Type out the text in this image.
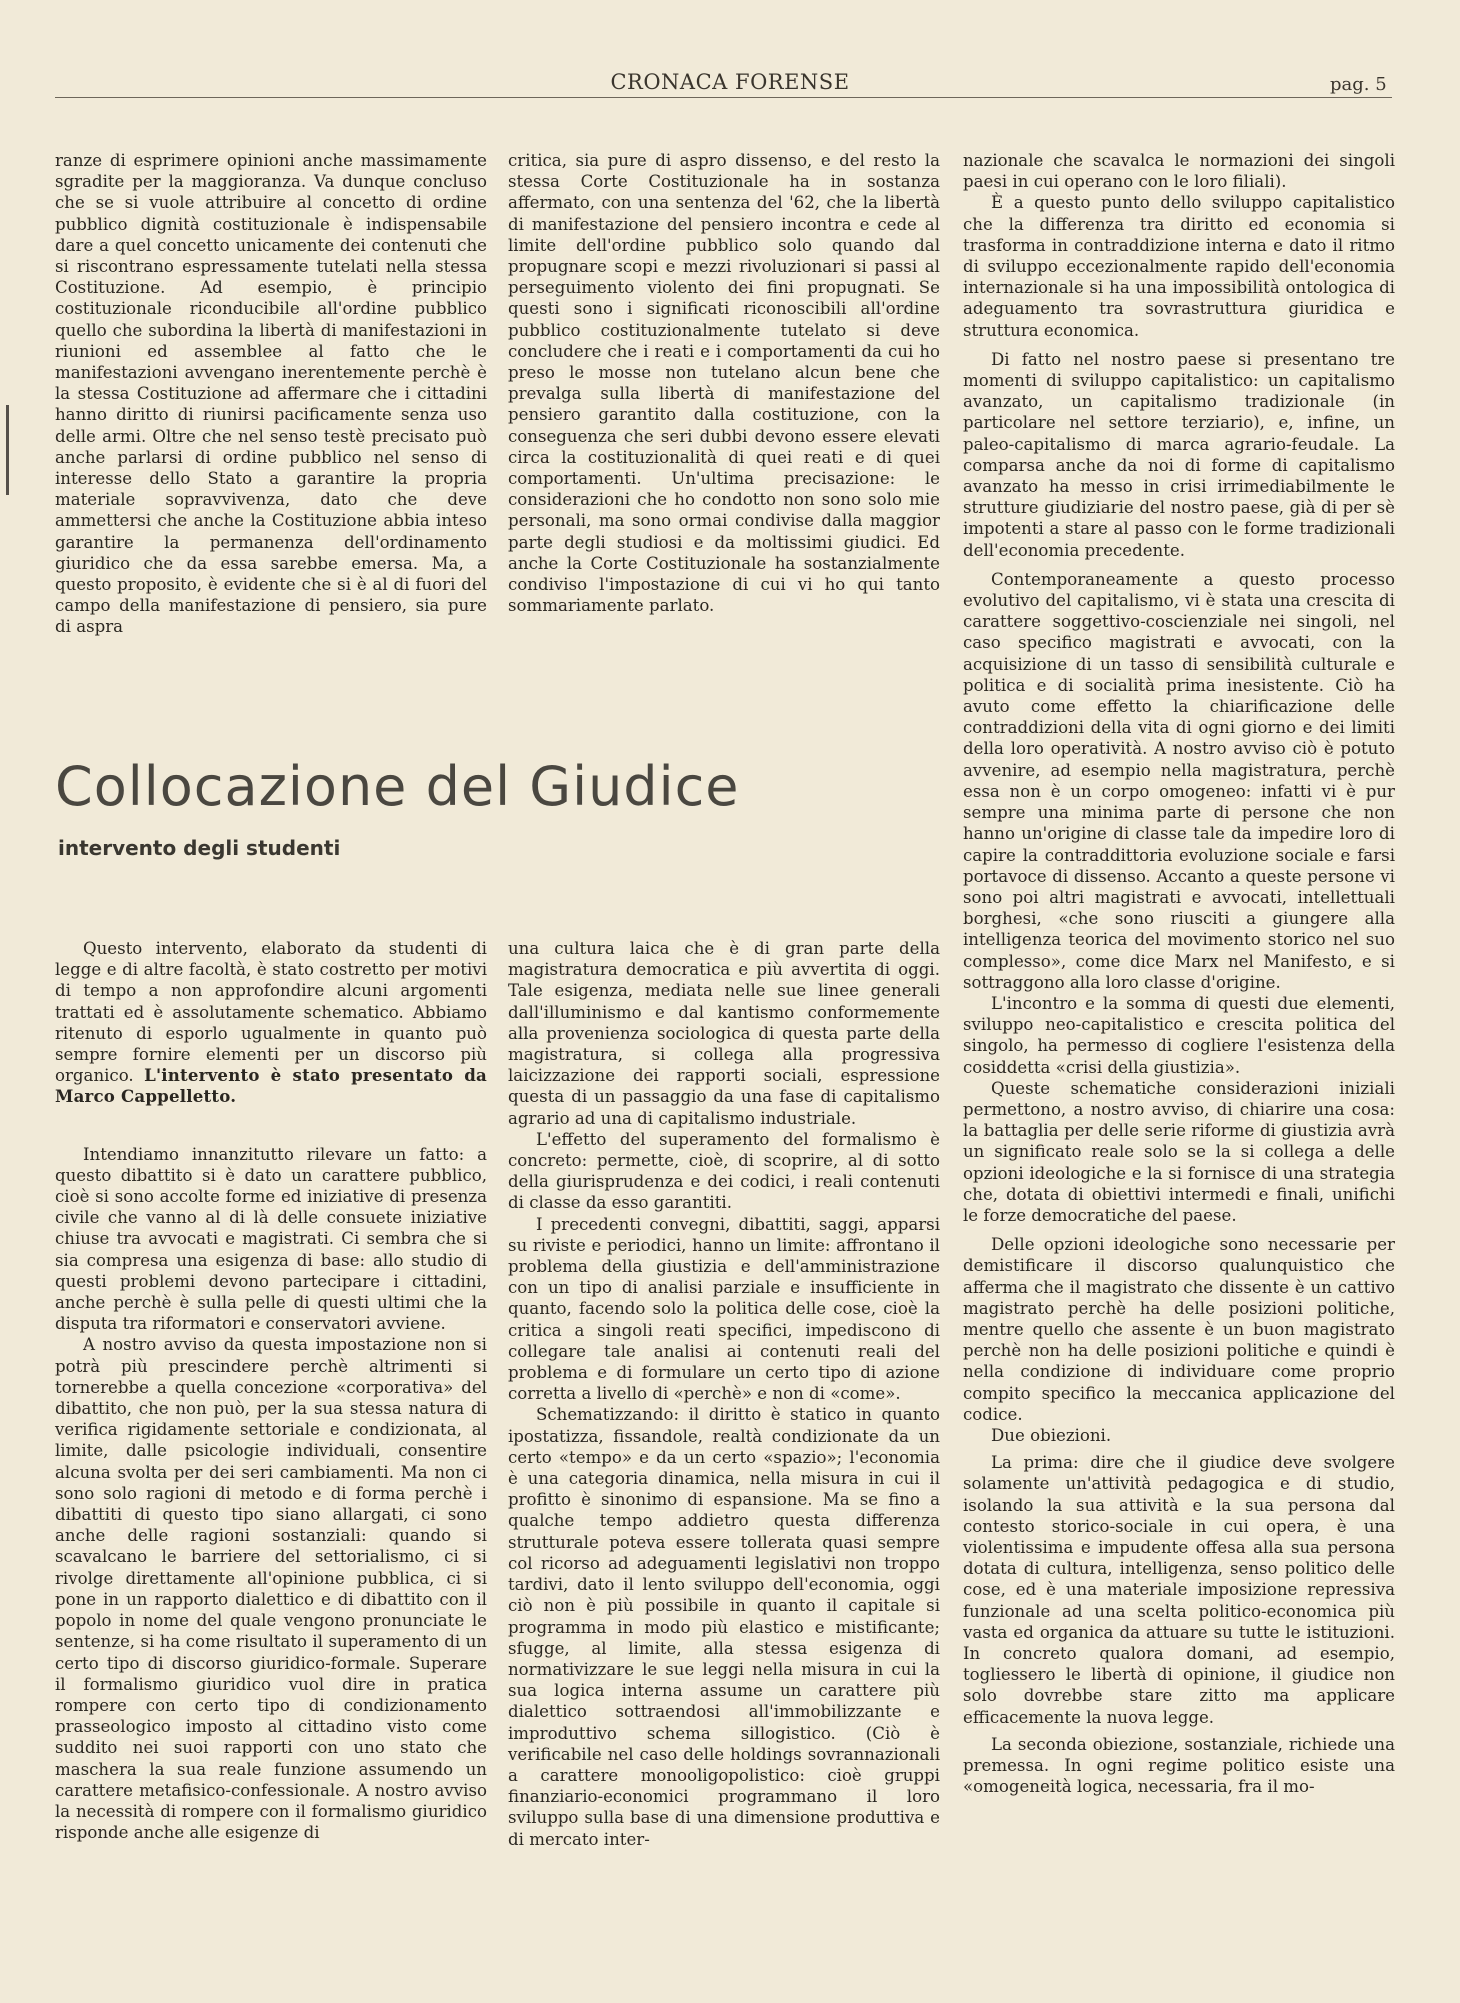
CRONACA FORENSE	pag. 5

ranze di esprimere opinioni anche massimamente sgradite per la maggioranza. Va dunque concluso che se si vuole attribuire al concetto di ordine pubblico dignità costituzionale è indispensabile dare a quel concetto unicamente dei contenuti che si riscontrano espressamente tutelati nella stessa Costituzione. Ad esempio, è principio costituzionale riconducibile all'ordine pubblico quello che subordina la libertà di manifestazioni in riunioni ed assemblee al fatto che le manifestazioni avvengano inerentemente perchè è la stessa Costituzione ad affermare che i cittadini hanno diritto di riunirsi pacificamente senza uso delle armi. Oltre che nel senso testè precisato può anche parlarsi di ordine pubblico nel senso di interesse dello Stato a garantire la propria materiale sopravvivenza, dato che deve ammettersi che anche la Costituzione abbia inteso garantire la permanenza dell'ordinamento giuridico che da essa sarebbe emersa. Ma, a questo proposito, è evidente che si è al di fuori del campo della manifestazione di pensiero, sia pure di aspra

critica, sia pure di aspro dissenso, e del resto la stessa Corte Costituzionale ha in sostanza affermato, con una sentenza del '62, che la libertà di manifestazione del pensiero incontra e cede al limite dell'ordine pubblico solo quando dal propugnare scopi e mezzi rivoluzionari si passi al perseguimento violento dei fini propugnati. Se questi sono i significati riconoscibili all'ordine pubblico costituzionalmente tutelato si deve concludere che i reati e i comportamenti da cui ho preso le mosse non tutelano alcun bene che prevalga sulla libertà di manifestazione del pensiero garantito dalla costituzione, con la conseguenza che seri dubbi devono essere elevati circa la costituzionalità di quei reati e di quei comportamenti. Un'ultima precisazione: le considerazioni che ho condotto non sono solo mie personali, ma sono ormai condivise dalla maggior parte degli studiosi e da moltissimi giudici. Ed anche la Corte Costituzionale ha sostanzialmente condiviso l'impostazione di cui vi ho qui tanto sommariamente parlato.

nazionale che scavalca le normazioni dei singoli paesi in cui operano con le loro filiali).

È a questo punto dello sviluppo capitalistico che la differenza tra diritto ed economia si trasforma in contraddizione interna e dato il ritmo di sviluppo eccezionalmente rapido dell'economia internazionale si ha una impossibilità ontologica di adeguamento tra sovrastruttura giuridica e struttura economica.

Di fatto nel nostro paese si presentano tre momenti di sviluppo capitalistico: un capitalismo avanzato, un capitalismo tradizionale (in particolare nel settore terziario), e, infine, un paleo-capitalismo di marca agrario-feudale. La comparsa anche da noi di forme di capitalismo avanzato ha messo in crisi irrimediabilmente le strutture giudiziarie del nostro paese, già di per sè impotenti a stare al passo con le forme tradizionali dell'economia precedente.

Contemporaneamente a questo processo evolutivo del capitalismo, vi è stata una crescita di carattere soggettivo-coscienziale nei singoli, nel caso specifico magistrati e avvocati, con la acquisizione di un tasso di sensibilità culturale e politica e di socialità prima inesistente. Ciò ha avuto come effetto la chiarificazione delle contraddizioni della vita di ogni giorno e dei limiti della loro operatività. A nostro avviso ciò è potuto avvenire, ad esempio nella magistratura, perchè essa non è un corpo omogeneo: infatti vi è pur sempre una minima parte di persone che non hanno un'origine di classe tale da impedire loro di capire la contraddittoria evoluzione sociale e farsi portavoce di dissenso. Accanto a queste persone vi sono poi altri magistrati e avvocati, intellettuali borghesi, «che sono riusciti a giungere alla intelligenza teorica del movimento storico nel suo complesso», come dice Marx nel Manifesto, e si sottraggono alla loro classe d'origine.

L'incontro e la somma di questi due elementi, sviluppo neo-capitalistico e crescita politica del singolo, ha permesso di cogliere l'esistenza della cosiddetta «crisi della giustizia».

Queste schematiche considerazioni iniziali permettono, a nostro avviso, di chiarire una cosa: la battaglia per delle serie riforme di giustizia avrà un significato reale solo se la si collega a delle opzioni ideologiche e la si fornisce di una strategia che, dotata di obiettivi intermedi e finali, unifichi le forze democratiche del paese.

Delle opzioni ideologiche sono necessarie per demistificare il discorso qualunquistico che afferma che il magistrato che dissente è un cattivo magistrato perchè ha delle posizioni politiche, mentre quello che assente è un buon magistrato perchè non ha delle posizioni politiche e quindi è nella condizione di individuare come proprio compito specifico la meccanica applicazione del codice.

Due obiezioni.

La prima: dire che il giudice deve svolgere solamente un'attività pedagogica e di studio, isolando la sua attività e la sua persona dal contesto storico-sociale in cui opera, è una violentissima e impudente offesa alla sua persona dotata di cultura, intelligenza, senso politico delle cose, ed è una materiale imposizione repressiva funzionale ad una scelta politico-economica più vasta ed organica da attuare su tutte le istituzioni. In concreto qualora domani, ad esempio, togliessero le libertà di opinione, il giudice non solo dovrebbe stare zitto ma applicare efficacemente la nuova legge.

La seconda obiezione, sostanziale, richiede una premessa. In ogni regime politico esiste una «omogeneità logica, necessaria, fra il mo-

Collocazione del Giudice
intervento degli studenti

Questo intervento, elaborato da studenti di legge e di altre facoltà, è stato costretto per motivi di tempo a non approfondire alcuni argomenti trattati ed è assolutamente schematico. Abbiamo ritenuto di esporlo ugualmente in quanto può sempre fornire elementi per un discorso più organico. L'intervento è stato presentato da Marco Cappelletto.

Intendiamo innanzitutto rilevare un fatto: a questo dibattito si è dato un carattere pubblico, cioè si sono accolte forme ed iniziative di presenza civile che vanno al di là delle consuete iniziative chiuse tra avvocati e magistrati. Ci sembra che si sia compresa una esigenza di base: allo studio di questi problemi devono partecipare i cittadini, anche perchè è sulla pelle di questi ultimi che la disputa tra riformatori e conservatori avviene.

A nostro avviso da questa impostazione non si potrà più prescindere perchè altrimenti si tornerebbe a quella concezione «corporativa» del dibattito, che non può, per la sua stessa natura di verifica rigidamente settoriale e condizionata, al limite, dalle psicologie individuali, consentire alcuna svolta per dei seri cambiamenti. Ma non ci sono solo ragioni di metodo e di forma perchè i dibattiti di questo tipo siano allargati, ci sono anche delle ragioni sostanziali: quando si scavalcano le barriere del settorialismo, ci si rivolge direttamente all'opinione pubblica, ci si pone in un rapporto dialettico e di dibattito con il popolo in nome del quale vengono pronunciate le sentenze, si ha come risultato il superamento di un certo tipo di discorso giuridico-formale. Superare il formalismo giuridico vuol dire in pratica rompere con certo tipo di condizionamento prasseologico imposto al cittadino visto come suddito nei suoi rapporti con uno stato che maschera la sua reale funzione assumendo un carattere metafisico-confessionale. A nostro avviso la necessità di rompere con il formalismo giuridico risponde anche alle esigenze di

una cultura laica che è di gran parte della magistratura democratica e più avvertita di oggi. Tale esigenza, mediata nelle sue linee generali dall'illuminismo e dal kantismo conformemente alla provenienza sociologica di questa parte della magistratura, si collega alla progressiva laicizzazione dei rapporti sociali, espressione questa di un passaggio da una fase di capitalismo agrario ad una di capitalismo industriale.

L'effetto del superamento del formalismo è concreto: permette, cioè, di scoprire, al di sotto della giurisprudenza e dei codici, i reali contenuti di classe da esso garantiti.

I precedenti convegni, dibattiti, saggi, apparsi su riviste e periodici, hanno un limite: affrontano il problema della giustizia e dell'amministrazione con un tipo di analisi parziale e insufficiente in quanto, facendo solo la politica delle cose, cioè la critica a singoli reati specifici, impediscono di collegare tale analisi ai contenuti reali del problema e di formulare un certo tipo di azione corretta a livello di «perchè» e non di «come».

Schematizzando: il diritto è statico in quanto ipostatizza, fissandole, realtà condizionate da un certo «tempo» e da un certo «spazio»; l'economia è una categoria dinamica, nella misura in cui il profitto è sinonimo di espansione. Ma se fino a qualche tempo addietro questa differenza strutturale poteva essere tollerata quasi sempre col ricorso ad adeguamenti legislativi non troppo tardivi, dato il lento sviluppo dell'economia, oggi ciò non è più possibile in quanto il capitale si programma in modo più elastico e mistificante; sfugge, al limite, alla stessa esigenza di normativizzare le sue leggi nella misura in cui la sua logica interna assume un carattere più dialettico sottraendosi all'immobilizzante e improduttivo schema sillogistico. (Ciò è verificabile nel caso delle holdings sovrannazionali a carattere monooligopolistico: cioè gruppi finanziario-economici programmano il loro sviluppo sulla base di una dimensione produttiva e di mercato inter-
